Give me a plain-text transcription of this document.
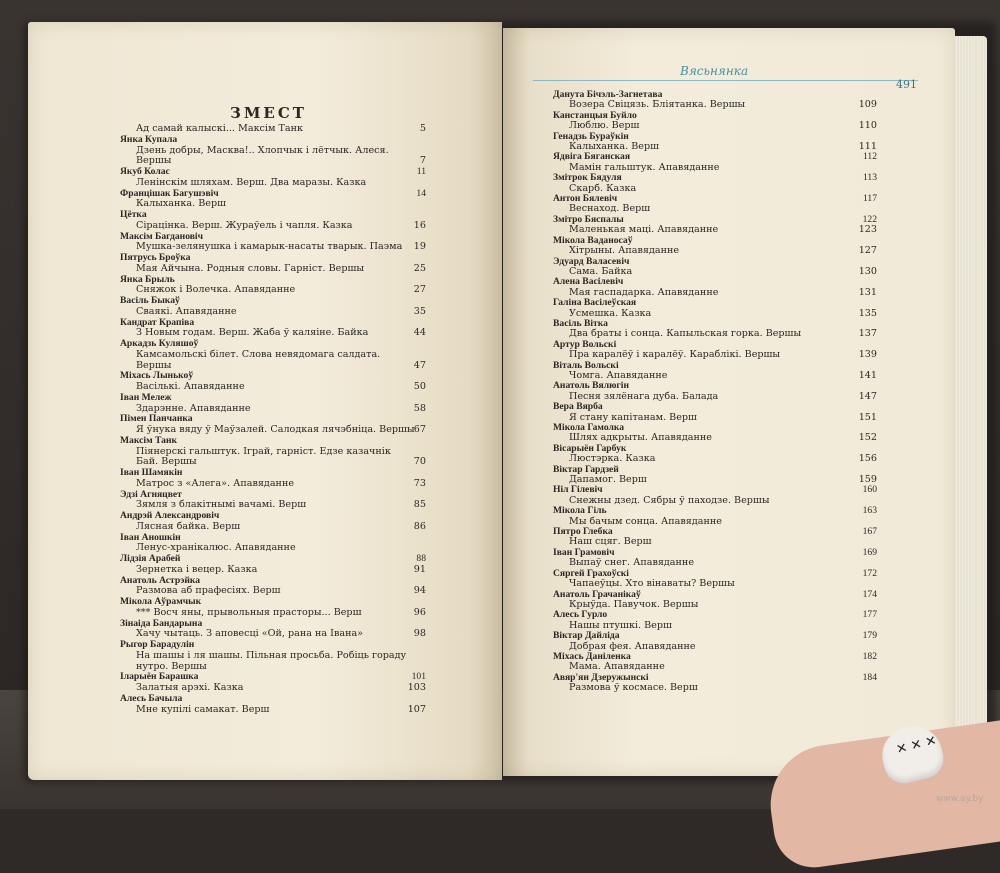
ЗМЕСТ
Ад самай калыскі... Максім Танк	5
Янка Купала
Дзень добры, Масква!.. Хлопчык і лётчык. Алеся.
Вершы	7
Якуб Колас	11
Ленінскім шляхам. Верш. Два маразы. Казка
Францішак Багушэвіч	14
Калыханка. Верш
Цётка
Сірацінка. Верш. Жураўель і чапля. Казка	16
Максім Багдановіч
Мушка-зелянушка і камарык-насаты тварык. Паэма 19
Пятрусь Броўка
Мая Айчына. Родныя словы. Гарніст. Вершы	25
Янка Брыль
Сняжок і Волечка. Апавяданне	27
Васіль Быкаў
Сваякі. Апавяданне	35
Кандрат Крапіва
З Новым годам. Верш. Жаба ў каляіне. Байка	44
Аркадзь Куляшоў
Камсамольскі білет. Слова невядомага салдата.
Вершы	47
Міхась Лынькоў
Васількі. Апавяданне	50
Іван Мележ
Здарэнне. Апавяданне	58
Пімен Панчанка
Я ўнука вяду ў Маўзалей. Салодкая лячэбніца. Вершы 67
Максім Танк
Піянерскі гальштук. Ігрaй, гарніст. Едзе казачнік
Бай. Вершы	70
Іван Шамякін
Матрос з «Алега». Апавяданне	73
Эдзі Агняцвет
Зямля з блакітнымі вачамі. Верш	85
Андрэй Александровіч
Лясная байка. Верш	86
Іван Аношкін
Ленус-хранікалюс. Апавяданне
Лідзія Арабей	88
Зернетка і вецер. Казка	91
Анатоль Астрэйка
Размова аб прафесіях. Верш	94
Мікола Аўрамчык
*** Восч яны, прывольныя прасторы... Верш	96
Зінаіда Бандарына
Хачу чытаць. З аповесці «Ой, рана на Івана»	98
Рыгор Барадулін
На шашы і ля шашы. Пільная просьба. Робіць гораду
нутро. Вершы
Іларыён Барашка	101
Залатыя арэхі. Казка	103
Алесь Бачыла
Мне купілі самакат. Верш	107
Вясьнянка
491
Данута Бічэль-Загнетава
Возера Свіцязь. Бліятанка. Вершы	109
Канстанцыя Буйло
Люблю. Верш	110
Генадзь Бураўкін
Калыханка. Верш	111
Ядвіга Бяганская	112
Мамін гальштук. Апавяданне
Змітрок Бядуля	113
Скарб. Казка
Антон Бялевіч	117
Веснаход. Верш
Змітро Бяспалы	122
Маленькая маці. Апавяданне	123
Мікола Ваданосаў
Хітрыны. Апавяданне	127
Эдуард Валасевіч
Сама. Байка	130
Алена Васілевіч
Мая гаспадарка. Апавяданне	131
Галіна Васілеўская
Усмешка. Казка	135
Васіль Вітка
Два браты і сонца. Капыльская горка. Вершы	137
Артур Вольскі
Пра каралёў і каралёў. Караблікі. Вершы	139
Віталь Вольскі
Чомга. Апавяданне	141
Анатоль Вялюгін
Песня зялёнага дуба. Балада	147
Вера Вярба
Я стану капітанам. Верш	151
Мікола Гамолка
Шлях адкрыты. Апавяданне	152
Вісарыён Гарбук
Люстэрка. Казка	156
Віктар Гардзей
Дапамог. Верш	159
Ніл Гілевіч	160
Снежны дзед. Сябры ў паходзе. Вершы
Мікола Гіль	163
Мы бачым сонца. Апавяданне
Пятро Глебка	167
Наш сцяг. Верш
Іван Грамовіч	169
Выпаў снег. Апавяданне
Сяргей Грахоўскі	172
Чапаеўцы. Хто вінаваты? Вершы
Анатоль Грачанікаў	174
Крыўда. Павучок. Вершы
Алесь Гурло	177
Нашы птушкі. Верш
Віктар Дайліда	179
Добрая фея. Апавяданне
Міхась Даніленка	182
Мама. Апавяданне
Авяр'ян Дзеружынскі	184
Размова ў космасе. Верш
✕ ✕ ✕
www.ay.by
